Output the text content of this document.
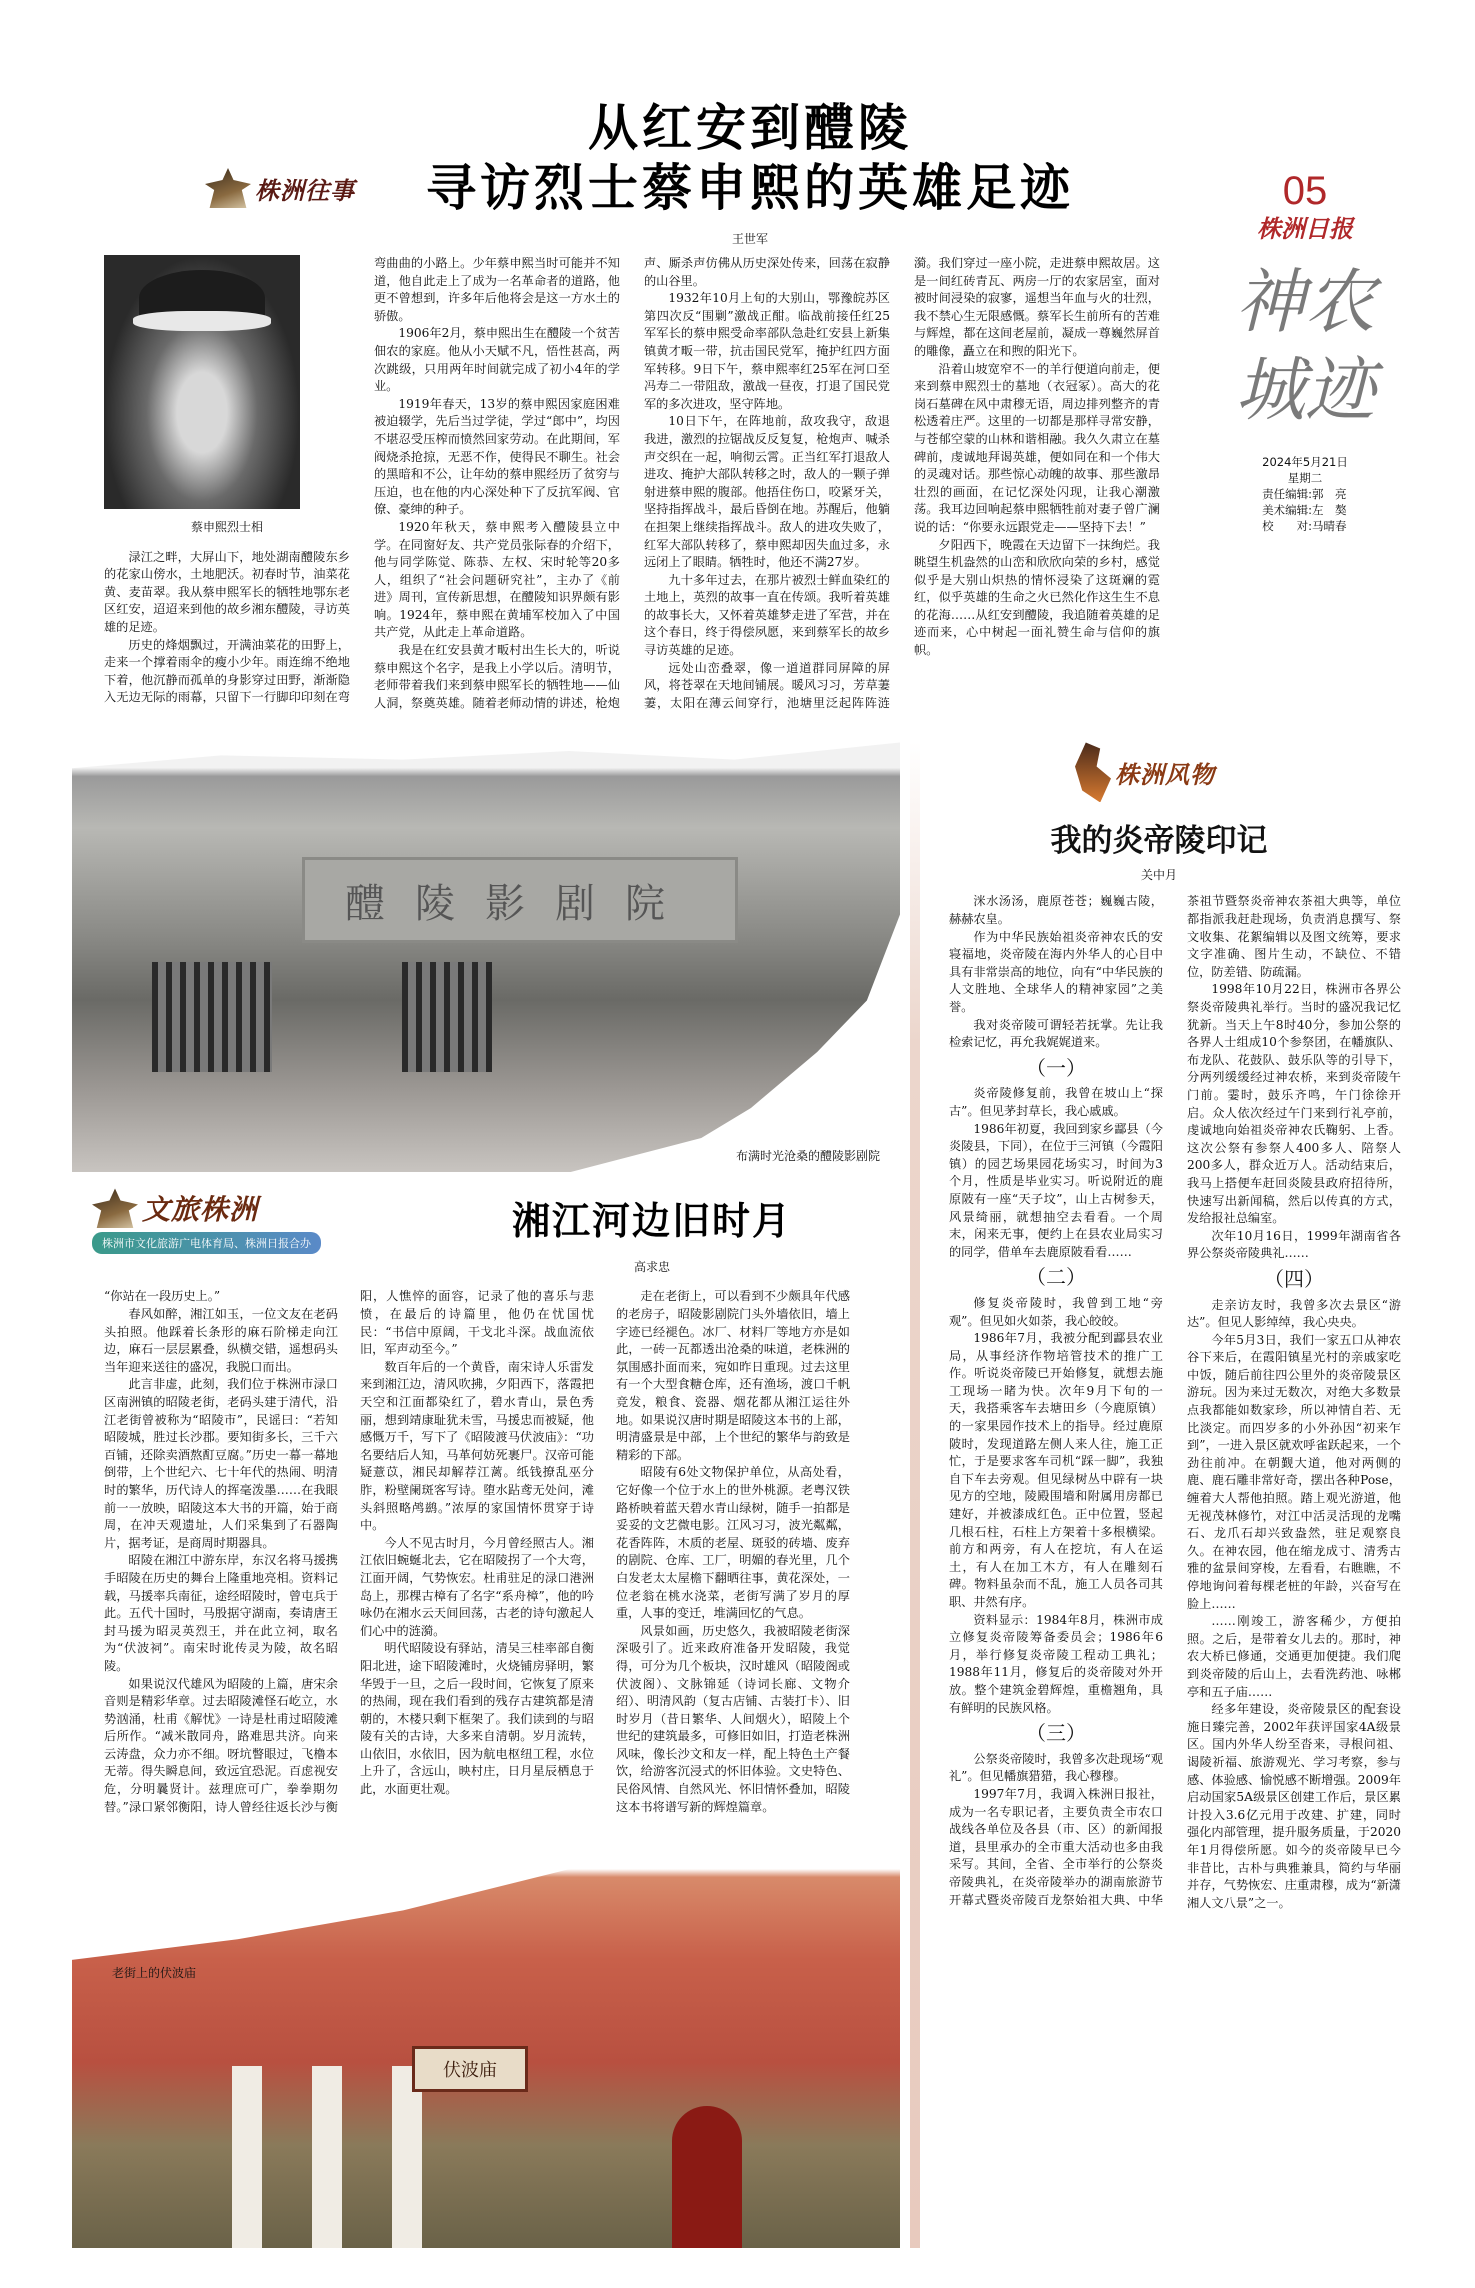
株洲往事
从红安到醴陵
寻访烈士蔡申熙的英雄足迹
王世军
蔡申熙烈士相

渌江之畔，大屏山下，地处湖南醴陵东乡的花家山傍水，土地肥沃。初春时节，油菜花黄、麦苗翠。我从蔡申熙军长的牺牲地鄂东老区红安，迢迢来到他的故乡湘东醴陵，寻访英雄的足迹。

历史的烽烟飘过，开满油菜花的田野上，走来一个撑着雨伞的瘦小少年。雨连绵不绝地下着，他沉静而孤单的身影穿过田野，渐渐隐入无边无际的雨幕，只留下一行脚印印刻在弯弯曲曲的小路上。少年蔡申熙当时可能并不知道，他自此走上了成为一名革命者的道路，他更不曾想到，许多年后他将会是这一方水土的骄傲。

1906年2月，蔡申熙出生在醴陵一个贫苦佃农的家庭。他从小天赋不凡，悟性甚高，两次跳级，只用两年时间就完成了初小4年的学业。

1919年春天，13岁的蔡申熙因家庭困难被迫辍学，先后当过学徒，学过“郎中”，均因不堪忍受压榨而愤然回家劳动。在此期间，军阀烧杀抢掠，无恶不作，使得民不聊生。社会的黑暗和不公，让年幼的蔡申熙经历了贫穷与压迫，也在他的内心深处种下了反抗军阀、官僚、豪绅的种子。

1920年秋天，蔡申熙考入醴陵县立中学。在同窗好友、共产党员张际春的介绍下，他与同学陈觉、陈恭、左权、宋时轮等20多人，组织了“社会问题研究社”，主办了《前进》周刊，宣传新思想，在醴陵知识界颇有影响。1924年，蔡申熙在黄埔军校加入了中国共产党，从此走上革命道路。

我是在红安县黄才畈村出生长大的，听说蔡申熙这个名字，是我上小学以后。清明节，老师带着我们来到蔡申熙军长的牺牲地——仙人洞，祭奠英雄。随着老师动情的讲述，枪炮声、厮杀声仿佛从历史深处传来，回荡在寂静的山谷里。

1932年10月上旬的大别山，鄂豫皖苏区第四次反“围剿”激战正酣。临战前接任红25军军长的蔡申熙受命率部队急赴红安县上新集镇黄才畈一带，抗击国民党军，掩护红四方面军转移。9日下午，蔡申熙率红25军在河口至冯寿二一带阻敌，激战一昼夜，打退了国民党军的多次进攻，坚守阵地。

10日下午，在阵地前，敌攻我守，敌退我进，激烈的拉锯战反反复复，枪炮声、喊杀声交织在一起，响彻云霄。正当红军打退敌人进攻、掩护大部队转移之时，敌人的一颗子弹射进蔡申熙的腹部。他捂住伤口，咬紧牙关，坚持指挥战斗，最后昏倒在地。苏醒后，他躺在担架上继续指挥战斗。敌人的进攻失败了，红军大部队转移了，蔡申熙却因失血过多，永远闭上了眼睛。牺牲时，他还不满27岁。

九十多年过去，在那片被烈士鲜血染红的土地上，英烈的故事一直在传颂。我听着英雄的故事长大，又怀着英雄梦走进了军营，并在这个春日，终于得偿夙愿，来到蔡军长的故乡寻访英雄的足迹。

远处山峦叠翠，像一道道群同屏障的屏风，将苍翠在天地间铺展。暖风习习，芳草萋萋，太阳在薄云间穿行，池塘里泛起阵阵涟漪。我们穿过一座小院，走进蔡申熙故居。这是一间红砖青瓦、两房一厅的农家居室，面对被时间浸染的寂寥，遥想当年血与火的壮烈，我不禁心生无限感慨。蔡军长生前所有的苦难与辉煌，都在这间老屋前，凝成一尊巍然屏首的雕像，矗立在和煦的阳光下。

沿着山坡宽窄不一的羊行便道向前走，便来到蔡申熙烈士的墓地（衣冠冢）。高大的花岗石墓碑在风中肃穆无语，周边排列整齐的青松透着庄严。这里的一切都是那样寻常安静，与苍郁空蒙的山林和谐相融。我久久肃立在墓碑前，虔诚地拜谒英雄，便如同在和一个伟大的灵魂对话。那些惊心动魄的故事、那些激昂壮烈的画面，在记忆深处闪现，让我心潮激荡。我耳边回响起蔡申熙牺牲前对妻子曾广澜说的话：“你要永远跟党走——坚持下去！”

夕阳西下，晚霞在天边留下一抹绚烂。我眺望生机盎然的山峦和欣欣向荣的乡村，感觉似乎是大别山炽热的情怀浸染了这斑斓的霓红，似乎英雄的生命之火已然化作这生生不息的花海……从红安到醴陵，我追随着英雄的足迹而来，心中树起一面礼赞生命与信仰的旗帜。

05
株洲日报
神农城迹
2024年5月21日
星期二
责任编辑:郭　亮
美术编辑:左　獒
校　　对:马晴春
醴陵影剧院
布满时光沧桑的醴陵影剧院
文旅株洲
株洲市文化旅游广电体育局、株洲日报合办
湘江河边旧时月
高求忠

“你站在一段历史上。”

春风如醉，湘江如玉，一位文友在老码头拍照。他踩着长条形的麻石阶梯走向江边，麻石一层层累叠，纵横交错，遥想码头当年迎来送往的盛况，我脱口而出。

此言非虚，此刻，我们位于株洲市渌口区南洲镇的昭陵老街，老码头建于清代，沿江老街曾被称为“昭陵市”，民谣曰：“若知昭陵城，胜过长沙郡。要知街多长，三千六百铺，还除卖酒熬酊豆腐。”历史一幕一幕地倒带，上个世纪六、七十年代的热闹、明清时的繁华，历代诗人的挥毫泼墨……在我眼前一一放映，昭陵这本大书的开篇，始于商周，在冲天观遗址，人们采集到了石器陶片，据考证，是商周时期器具。

昭陵在湘江中游东岸，东汉名将马援携手昭陵在历史的舞台上隆重地亮相。资料记载，马援率兵南征，途经昭陵时，曾屯兵于此。五代十国时，马殷据守湖南，奏请唐王封马援为昭灵英烈王，并在此立祠，取名为“伏波祠”。南宋时讹传灵为陵，故名昭陵。

如果说汉代雄风为昭陵的上篇，唐宋余音则是精彩华章。过去昭陵滩怪石屹立，水势汹涌，杜甫《解忧》一诗是杜甫过昭陵滩后所作。“减米散同舟，路难思共济。向来云涛盘，众力亦不细。呀坑瞥眼过，飞橹本无蒂。得失瞬息间，致远宜恐泥。百虑视安危，分明曩贤计。兹理庶可广，拳拳期勿替。”渌口紧邻衡阳，诗人曾经往返长沙与衡阳，人憔悴的面容，记录了他的喜乐与悲愤，在最后的诗篇里，他仍在忧国忧民：“书信中原阔，干戈北斗深。战血流依旧，军声动至今。”

数百年后的一个黄昏，南宋诗人乐雷发来到湘江边，清风吹拂，夕阳西下，落霞把天空和江面都染红了，碧水青山，景色秀丽，想到靖康耻犹未雪，马援忠而被疑，他感慨万千，写下了《昭陵渡马伏波庙》：“功名要结后人知，马革何妨死裹尸。汉帝可能疑薏苡，湘民却解荐江蓠。纸钱撩乱巫分胙，粉壁阑斑客写诗。堕水跕鸢无处问，滩头斜照略鸬鹚。”浓厚的家国情怀贯穿于诗中。

今人不见古时月，今月曾经照古人。湘江依旧蜿蜒北去，它在昭陵拐了一个大弯，江面开阔，气势恢宏。杜甫驻足的渌口港洲岛上，那棵古樟有了名字“系舟樟”，他的吟咏仍在湘水云天间回荡，古老的诗句激起人们心中的涟漪。

明代昭陵设有驿站，清吴三桂率部自衡阳北进，途下昭陵滩时，火烧铺房驿明，繁华毁于一旦，之后一段时间，它恢复了原来的热闹，现在我们看到的残存古建筑都是清朝的，木楼只剩下框架了。我们读到的与昭陵有关的古诗，大多来自清朝。岁月流转，山依旧，水依旧，因为航电枢纽工程，水位上升了，含远山，映村庄，日月星辰栖息于此，水面更壮观。

走在老街上，可以看到不少颇具年代感的老房子，昭陵影剧院门头外墙依旧，墙上字迹已经褪色。冰厂、材料厂等地方亦是如此，一砖一瓦都透出沧桑的味道，老株洲的氛围感扑面而来，宛如昨日重现。过去这里有一个大型食糖仓库，还有渔场，渡口千帆竞发，粮食、瓷器、烟花都从湘江运往外地。如果说汉唐时期是昭陵这本书的上部，明清盛景是中部，上个世纪的繁华与韵致是精彩的下部。

昭陵有6处文物保护单位，从高处看，它好像一个位于水上的世外桃源。老粤汉铁路桥映着蓝天碧水青山绿树，随手一拍都是妥妥的文艺微电影。江风习习，波光粼粼，花香阵阵，木质的老屋、斑驳的砖墙、废弃的剧院、仓库、工厂，明媚的春光里，几个白发老太太屋檐下翻晒往事，黄花深处，一位老翁在桃水浇菜，老街写满了岁月的厚重，人事的变迁，堆满回忆的气息。

风景如画，历史悠久，我被昭陵老街深深吸引了。近来政府准备开发昭陵，我觉得，可分为几个板块，汉时雄风（昭陵阁或伏波阁）、文脉锦延（诗词长廊、文物介绍）、明清风韵（复古店铺、古装打卡）、旧时岁月（昔日繁华、人间烟火），昭陵上个世纪的建筑最多，可修旧如旧，打造老株洲风味，像长沙文和友一样，配上特色土产餐饮，给游客沉浸式的怀旧体验。文史特色、民俗风情、自然风光、怀旧情怀叠加，昭陵这本书将谱写新的辉煌篇章。

伏波庙
老街上的伏波庙
株洲风物
我的炎帝陵印记
关中月

洣水汤汤，鹿原苍苍；巍巍古陵，赫赫农皇。

作为中华民族始祖炎帝神农氏的安寝福地，炎帝陵在海内外华人的心目中具有非常崇高的地位，向有“中华民族的人文胜地、全球华人的精神家园”之美誉。

我对炎帝陵可谓轻若抚掌。先让我检索记忆，再允我娓娓道来。

（一）

炎帝陵修复前，我曾在坡山上“探古”。但见茅封草长，我心戚戚。

1986年初夏，我回到家乡酃县（今炎陵县，下同），在位于三河镇（今霞阳镇）的园艺场果园花场实习，时间为3个月，性质是毕业实习。听说附近的鹿原陂有一座“天子坟”，山上古树参天，风景绮丽，就想抽空去看看。一个周末，闲来无事，便约上在县农业局实习的同学，借单车去鹿原陂看看……

（二）

修复炎帝陵时，我曾到工地“旁观”。但见如火如荼，我心皎皎。

1986年7月，我被分配到酃县农业局，从事经济作物培管技术的推广工作。听说炎帝陵已开始修复，就想去施工现场一睹为快。次年9月下旬的一天，我搭乘客车去塘田乡（今鹿原镇）的一家果园作技术上的指导。经过鹿原陂时，发现道路左侧人来人往，施工正忙，于是要求客车司机“踩一脚”，我独自下车去旁观。但见绿树丛中辟有一块见方的空地，陵殿围墙和附属用房都已建好，并被漆成红色。正中位置，竖起几根石柱，石柱上方架着十多根横梁。前方和两旁，有人在挖坑，有人在运土，有人在加工木方，有人在雕刻石碑。物料虽杂而不乱，施工人员各司其职、井然有序。

资料显示：1984年8月，株洲市成立修复炎帝陵筹备委员会；1986年6月，举行修复炎帝陵工程动工典礼；1988年11月，修复后的炎帝陵对外开放。整个建筑金碧辉煌，重檐翘角，具有鲜明的民族风格。

（三）

公祭炎帝陵时，我曾多次赴现场“观礼”。但见幡旗猎猎，我心穆穆。

1997年7月，我调入株洲日报社，成为一名专职记者，主要负责全市农口战线各单位及各县（市、区）的新闻报道，县里承办的全市重大活动也多由我采写。其间，全省、全市举行的公祭炎帝陵典礼，在炎帝陵举办的湖南旅游节开幕式暨炎帝陵百龙祭始祖大典、中华茶祖节暨祭炎帝神农茶祖大典等，单位都指派我赶赴现场，负责消息撰写、祭文收集、花絮编辑以及图文统筹，要求文字准确、图片生动，不缺位、不错位，防差错、防疏漏。

1998年10月22日，株洲市各界公祭炎帝陵典礼举行。当时的盛况我记忆犹新。当天上午8时40分，参加公祭的各界人士组成10个参祭团，在幡旗队、布龙队、花鼓队、鼓乐队等的引导下，分两列缓缓经过神农桥，来到炎帝陵午门前。霎时，鼓乐齐鸣，午门徐徐开启。众人依次经过午门来到行礼亭前，虔诚地向始祖炎帝神农氏鞠躬、上香。这次公祭有参祭人400多人、陪祭人200多人，群众近万人。活动结束后，我马上搭便车赶回炎陵县政府招待所，快速写出新闻稿，然后以传真的方式，发给报社总编室。

次年10月16日，1999年湖南省各界公祭炎帝陵典礼……

（四）

走亲访友时，我曾多次去景区“游达”。但见人影绰绰，我心央央。

今年5月3日，我们一家五口从神农谷下来后，在霞阳镇星光村的亲戚家吃中饭，随后前往四公里外的炎帝陵景区游玩。因为来过无数次，对绝大多数景点我都能如数家珍，所以神情自若、无比淡定。而四岁多的小外孙因“初来乍到”，一进入景区就欢呼雀跃起来，一个劲往前冲。在朝觐大道，他对两侧的鹿、鹿石雕非常好奇，摆出各种Pose，缠着大人帮他拍照。踏上观光游道，他无视茂林修竹，对江中活灵活现的龙嘴石、龙爪石却兴致盎然，驻足观察良久。在神农园，他在缩龙成寸、清秀古雅的盆景间穿梭，左看看，右瞧瞧，不停地询问着每棵老桩的年龄，兴奋写在脸上……

……刚竣工，游客稀少，方便拍照。之后，是带着女儿去的。那时，神农大桥已修通，交通更加便捷。我们爬到炎帝陵的后山上，去看洗药池、咏郴亭和五子庙……

经多年建设，炎帝陵景区的配套设施日臻完善，2002年获评国家4A级景区。国内外华人纷至沓来，寻根问祖、谒陵祈福、旅游观光、学习考察，参与感、体验感、愉悦感不断增强。2009年启动国家5A级景区创建工作后，景区累计投入3.6亿元用于改建、扩建，同时强化内部管理，提升服务质量，于2020年1月得偿所愿。如今的炎帝陵早已今非昔比，古朴与典雅兼具，简约与华丽并存，气势恢宏、庄重肃穆，成为“新潇湘人文八景”之一。
